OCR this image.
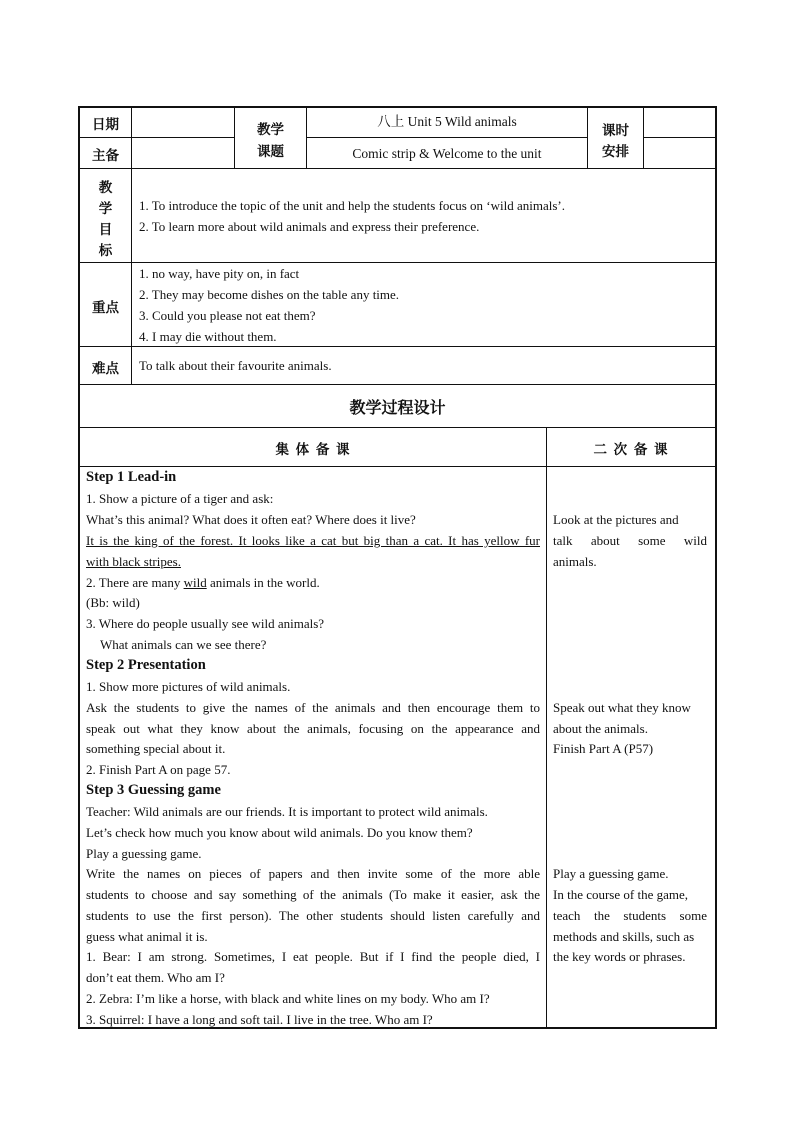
日期
主备
教学
课题
八上 Unit 5 Wild animals
Comic strip & Welcome to the unit
课时
安排
教
学
目
标
1. To introduce the topic of the unit and help the students focus on ‘wild animals’.
2. To learn more about wild animals and express their preference.
重点
1. no way, have pity on, in fact
2. They may become dishes on the table any time.
3. Could you please not eat them?
4. I may die without them.
难点	To talk about their favourite animals.
教学过程设计
集 体 备 课	二 次 备 课
Step 1 Lead-in
1. Show a picture of a tiger and ask:
What’s this animal? What does it often eat? Where does it live?
It is the king of the forest. It looks like a cat but big than a cat. It has yellow fur
with black stripes.
2. There are many wild animals in the world.
(Bb: wild)
3. Where do people usually see wild animals?
What animals can we see there?
Step 2 Presentation
1. Show more pictures of wild animals.
Ask the students to give the names of the animals and then encourage them to
speak out what they know about the animals, focusing on the appearance and
something special about it.
2. Finish Part A on page 57.
Step 3 Guessing game
Teacher: Wild animals are our friends. It is important to protect wild animals.
Let’s check how much you know about wild animals. Do you know them?
Play a guessing game.
Write the names on pieces of papers and then invite some of the more able
students to choose and say something of the animals (To make it easier, ask the
students to use the first person). The other students should listen carefully and
guess what animal it is.
1. Bear: I am strong. Sometimes, I eat people. But if I find the people died, I
don’t eat them. Who am I?
2. Zebra: I’m like a horse, with black and white lines on my body. Who am I?
3. Squirrel: I have a long and soft tail. I live in the tree. Who am I?
Look at the pictures and
talk about some wild
animals.
Speak out what they know
about the animals.
Finish Part A (P57)
Play a guessing game.
In the course of the game,
teach the students some
methods and skills, such as
the key words or phrases.
